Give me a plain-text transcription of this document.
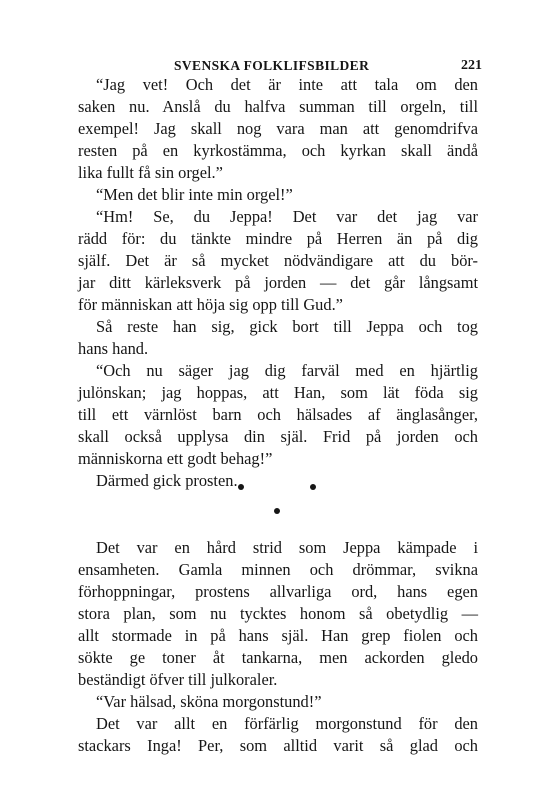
SVENSKA FOLKLIFSBILDER	221
“Jag vet! Och det är inte att tala om den
saken nu. Anslå du halfva summan till orgeln, till
exempel! Jag skall nog vara man att genomdrifva
resten på en kyrkostämma, och kyrkan skall ändå
lika fullt få sin orgel.”
“Men det blir inte min orgel!”
“Hm! Se, du Jeppa! Det var det jag var
rädd för: du tänkte mindre på Herren än på dig
själf. Det är så mycket nödvändigare att du bör-
jar ditt kärleksverk på jorden — det går långsamt
för människan att höja sig opp till Gud.”
Så reste han sig, gick bort till Jeppa och tog
hans hand.
“Och nu säger jag dig farväl med en hjärtlig
julönskan; jag hoppas, att Han, som lät föda sig
till ett värnlöst barn och hälsades af änglasånger,
skall också upplysa din själ. Frid på jorden och
människorna ett godt behag!”
Därmed gick prosten.
Det var en hård strid som Jeppa kämpade i
ensamheten. Gamla minnen och drömmar, svikna
förhoppningar, prostens allvarliga ord, hans egen
stora plan, som nu tycktes honom så obetydlig —
allt stormade in på hans själ. Han grep fiolen och
sökte ge toner åt tankarna, men ackorden gledo
beständigt öfver till julkoraler.
“Var hälsad, sköna morgonstund!”
Det var allt en förfärlig morgonstund för den
stackars Inga! Per, som alltid varit så glad och
